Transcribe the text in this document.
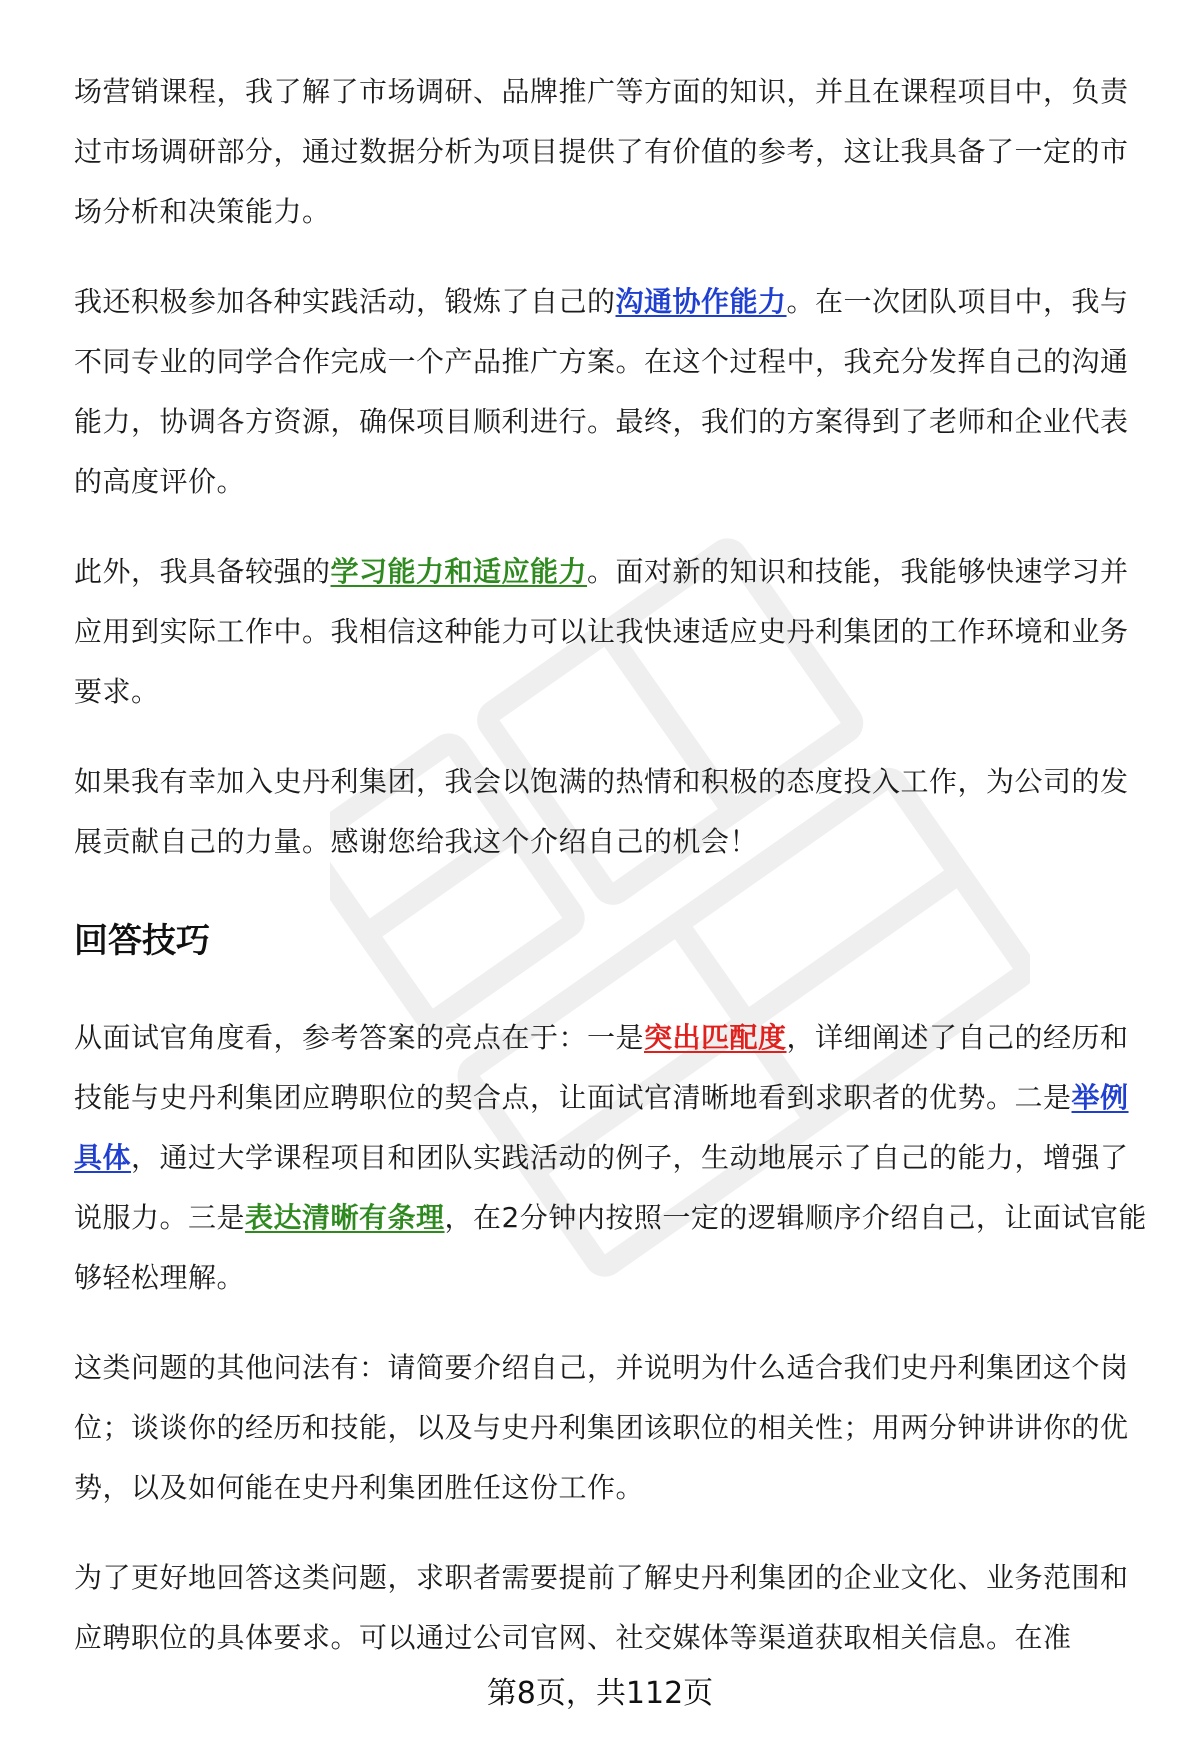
场营销课程，我了解了市场调研、品牌推广等方面的知识，并且在课程项目中，负责过市场调研部分，通过数据分析为项目提供了有价值的参考，这让我具备了一定的市场分析和决策能力。

我还积极参加各种实践活动，锻炼了自己的沟通协作能力。在一次团队项目中，我与不同专业的同学合作完成一个产品推广方案。在这个过程中，我充分发挥自己的沟通能力，协调各方资源，确保项目顺利进行。最终，我们的方案得到了老师和企业代表的高度评价。

此外，我具备较强的学习能力和适应能力。面对新的知识和技能，我能够快速学习并应用到实际工作中。我相信这种能力可以让我快速适应史丹利集团的工作环境和业务要求。

如果我有幸加入史丹利集团，我会以饱满的热情和积极的态度投入工作，为公司的发展贡献自己的力量。感谢您给我这个介绍自己的机会！

回答技巧

从面试官角度看，参考答案的亮点在于：一是突出匹配度，详细阐述了自己的经历和技能与史丹利集团应聘职位的契合点，让面试官清晰地看到求职者的优势。二是举例具体，通过大学课程项目和团队实践活动的例子，生动地展示了自己的能力，增强了说服力。三是表达清晰有条理，在2分钟内按照一定的逻辑顺序介绍自己，让面试官能够轻松理解。

这类问题的其他问法有：请简要介绍自己，并说明为什么适合我们史丹利集团这个岗位；谈谈你的经历和技能，以及与史丹利集团该职位的相关性；用两分钟讲讲你的优势，以及如何能在史丹利集团胜任这份工作。

为了更好地回答这类问题，求职者需要提前了解史丹利集团的企业文化、业务范围和应聘职位的具体要求。可以通过公司官网、社交媒体等渠道获取相关信息。在准

第8页，共112页
